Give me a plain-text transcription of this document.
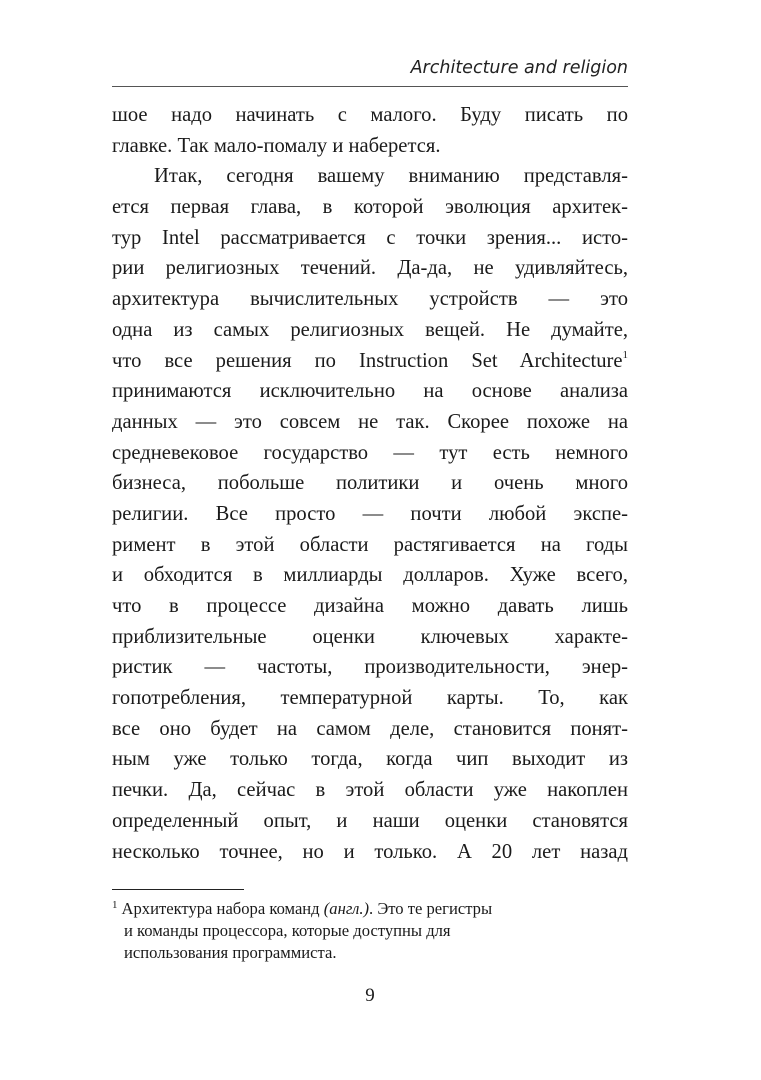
Architecture and religion
шое надо начинать с малого. Буду писать по
главке. Так мало-помалу и наберется.
Итак, сегодня вашему вниманию представля-
ется первая глава, в которой эволюция архитек-
тур Intel рассматривается с точки зрения... исто-
рии религиозных течений. Да-да, не удивляйтесь,
архитектура вычислительных устройств — это
одна из самых религиозных вещей. Не думайте,
что все решения по Instruction Set Architecture$^1$
принимаются исключительно на основе анализа
данных — это совсем не так. Скорее похоже на
средневековое государство — тут есть немного
бизнеса, побольше политики и очень много
религии. Все просто — почти любой экспе-
римент в этой области растягивается на годы
и обходится в миллиарды долларов. Хуже всего,
что в процессе дизайна можно давать лишь
приблизительные оценки ключевых характе-
ристик — частоты, производительности, энер-
гопотребления, температурной карты. То, как
все оно будет на самом деле, становится понят-
ным уже только тогда, когда чип выходит из
печки. Да, сейчас в этой области уже накоплен
определенный опыт, и наши оценки становятся
несколько точнее, но и только. А 20 лет назад
$^1$ Архитектура набора команд (англ.). Это те регистры
и команды процессора, которые доступны для
использования программиста.
9
